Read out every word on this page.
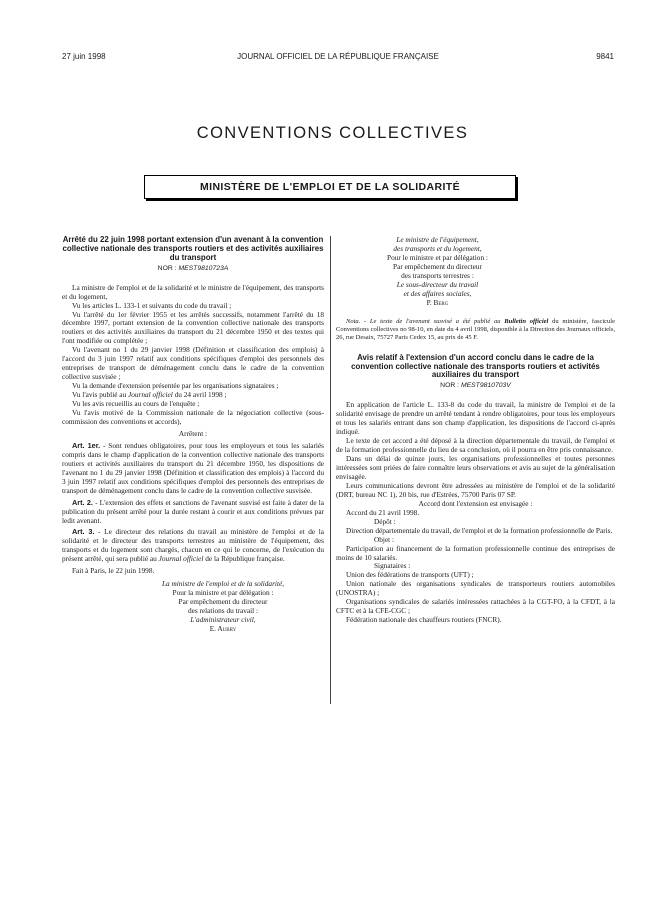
27 juin 1998	JOURNAL OFFICIEL DE LA RÉPUBLIQUE FRANÇAISE	9841
CONVENTIONS COLLECTIVES
MINISTÈRE DE L'EMPLOI ET DE LA SOLIDARITÉ

Arrêté du 22 juin 1998 portant extension d'un avenant à la convention collective nationale des transports routiers et des activités auxiliaires du transport

NOR : MEST9810723A

La ministre de l'emploi et de la solidarité et le ministre de l'équipement, des transports et du logement,

Vu les articles L. 133-1 et suivants du code du travail ;

Vu l'arrêté du 1er février 1955 et les arrêtés successifs, notamment l'arrêté du 18 décembre 1997, portant extension de la convention collective nationale des transports routiers et des activités auxiliaires du transport du 21 décembre 1950 et des textes qui l'ont modifiée ou complétée ;

Vu l'avenant no 1 du 29 janvier 1998 (Définition et classification des emplois) à l'accord du 3 juin 1997 relatif aux conditions spécifiques d'emploi des personnels des entreprises de transport de déménagement conclu dans le cadre de la convention collective susvisée ;

Vu la demande d'extension présentée par les organisations signataires ;

Vu l'avis publié au Journal officiel du 24 avril 1998 ;

Vu les avis recueillis au cours de l'enquête ;

Vu l'avis motivé de la Commission nationale de la négociation collective (sous-commission des conventions et accords),

Arrêtent :

Art. 1er. - Sont rendues obligatoires, pour tous les employeurs et tous les salariés compris dans le champ d'application de la convention collective nationale des transports routiers et activités auxiliaires du transport du 21 décembre 1950, les dispositions de l'avenant no 1 du 29 janvier 1998 (Définition et classification des emplois) à l'accord du 3 juin 1997 relatif aux conditions spécifiques d'emploi des personnels des entreprises de transport de déménagement conclu dans le cadre de la convention collective susvisée.

Art. 2. - L'extension des effets et sanctions de l'avenant susvisé est faite à dater de la publication du présent arrêté pour la durée restant à courir et aux conditions prévues par ledit avenant.

Art. 3. - Le directeur des relations du travail au ministère de l'emploi et de la solidarité et le directeur des transports terrestres au ministère de l'équipement, des transports et du logement sont chargés, chacun en ce qui le concerne, de l'exécution du présent arrêté, qui sera publié au Journal officiel de la République française.

Fait à Paris, le 22 juin 1998.

La ministre de l'emploi et de la solidarité,

Pour la ministre et par délégation :

Par empêchement du directeur

des relations du travail :

L'administrateur civil,

E. Aubry

Le ministre de l'équipement,

des transports et du logement,

Pour le ministre et par délégation :

Par empêchement du directeur

des transports terrestres :

Le sous-directeur du travail

et des affaires sociales,

P. Berg

Nota. - Le texte de l'avenant susvisé a été publié au Bulletin officiel du ministère, fascicule Conventions collectives no 98-10, en date du 4 avril 1998, disponible à la Direction des Journaux officiels, 26, rue Desaix, 75727 Paris Cedex 15, au prix de 45 F.

Avis relatif à l'extension d'un accord conclu dans le cadre de la convention collective nationale des transports routiers et activités auxiliaires du transport

NOR : MEST9810703V

En application de l'article L. 133-8 du code du travail, la ministre de l'emploi et de la solidarité envisage de prendre un arrêté tendant à rendre obligatoires, pour tous les employeurs et tous les salariés entrant dans son champ d'application, les dispositions de l'accord ci-après indiqué.

Le texte de cet accord a été déposé à la direction départementale du travail, de l'emploi et de la formation professionnelle du lieu de sa conclusion, où il pourra en être pris connaissance.

Dans un délai de quinze jours, les organisations professionnelles et toutes personnes intéressées sont priées de faire connaître leurs observations et avis au sujet de la généralisation envisagée.

Leurs communications devront être adressées au ministère de l'emploi et de la solidarité (DRT, bureau NC 1), 20 bis, rue d'Estrées, 75700 Paris 07 SP.

Accord dont l'extension est envisagée :

Accord du 21 avril 1998.

Dépôt :

Direction départementale du travail, de l'emploi et de la formation professionnelle de Paris.

Objet :

Participation au financement de la formation professionnelle continue des entreprises de moins de 10 salariés.

Signataires :

Union des fédérations de transports (UFT) ;

Union nationale des organisations syndicales de transporteurs routiers automobiles (UNOSTRA) ;

Organisations syndicales de salariés intéressées rattachées à la CGT-FO, à la CFDT, à la CFTC et à la CFE-CGC ;

Fédération nationale des chauffeurs routiers (FNCR).
